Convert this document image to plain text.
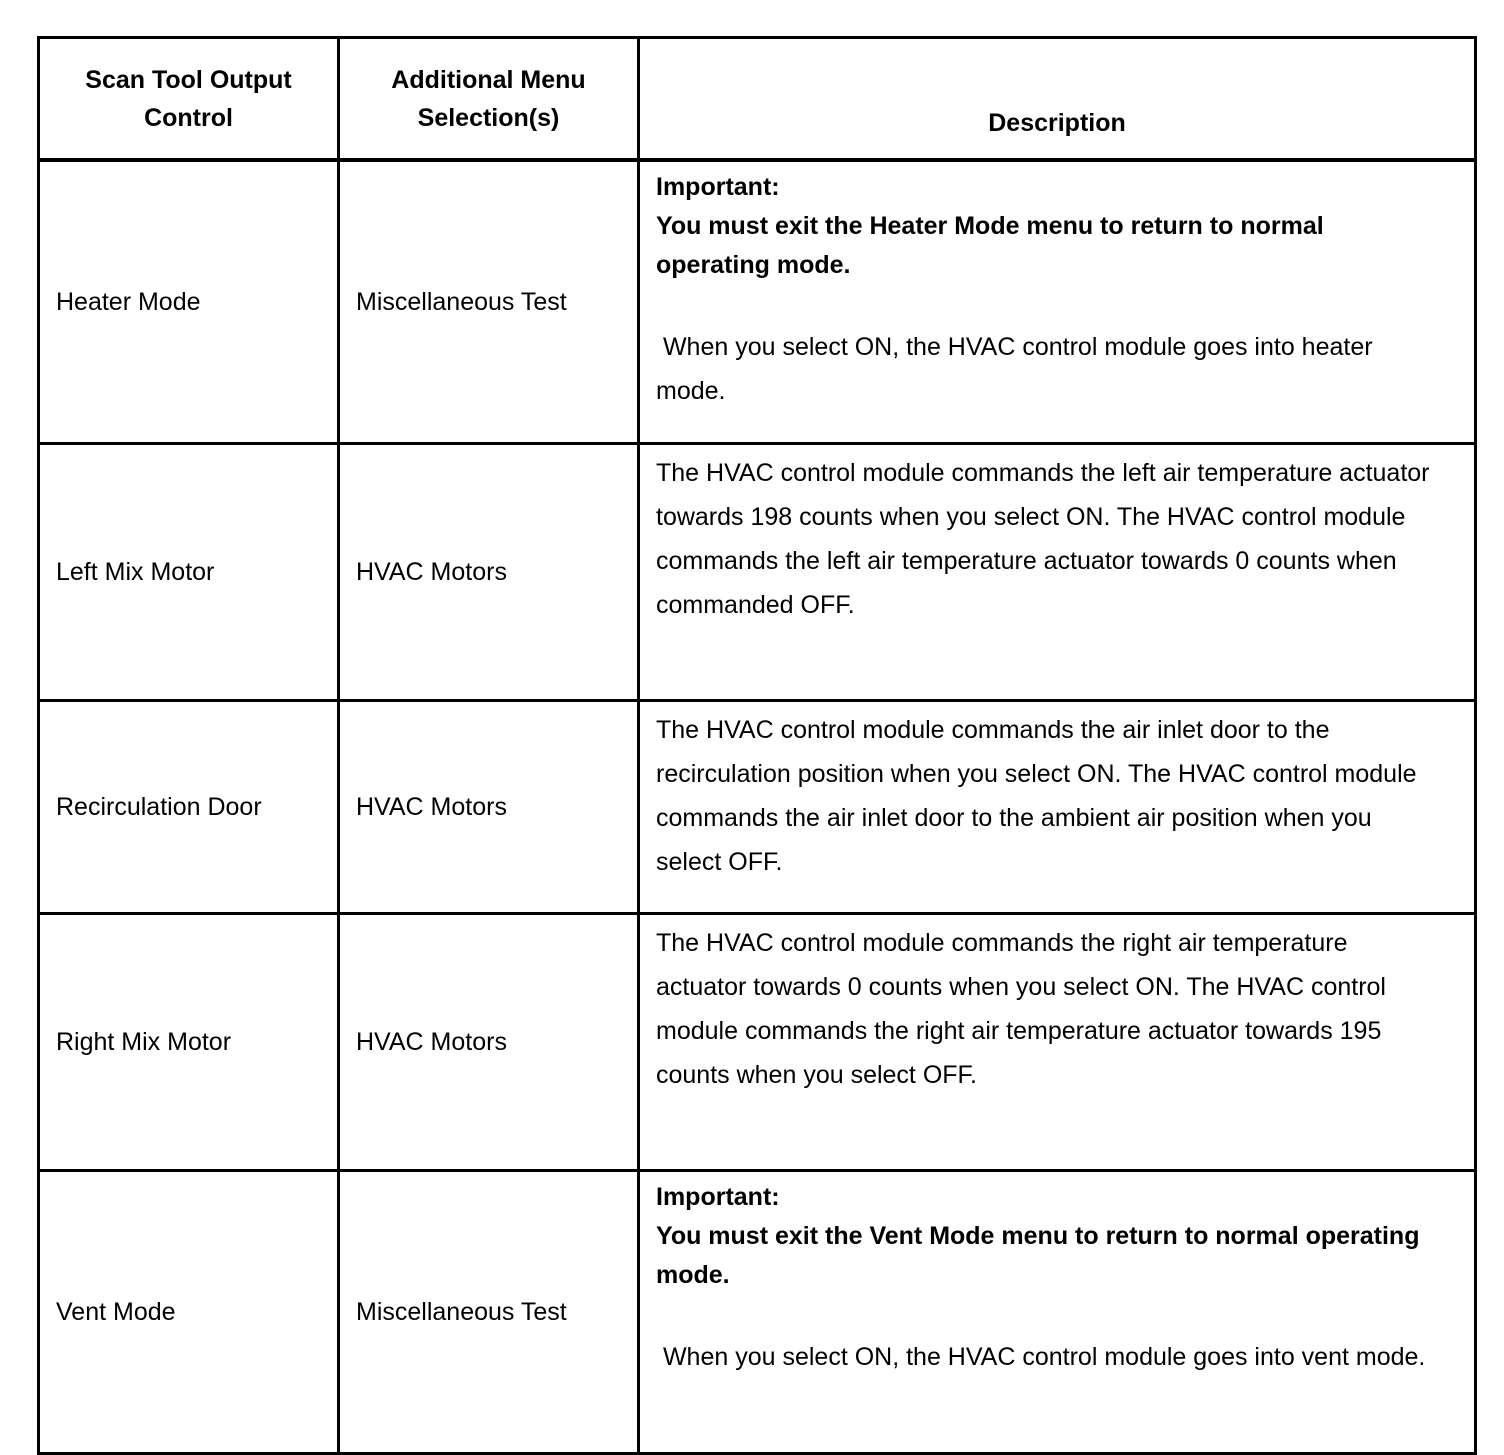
Scan Tool Output Control	Additional Menu Selection(s)	Description
Heater Mode	Miscellaneous Test	Important:
You must exit the Heater Mode menu to return to normal operating mode.
When you select ON, the HVAC control module goes into heater mode.

Left Mix Motor	HVAC Motors	The HVAC control module commands the left air temperature actuator towards 198 counts when you select ON. The HVAC control module commands the left air temperature actuator towards 0 counts when commanded OFF.

Recirculation Door	HVAC Motors	The HVAC control module commands the air inlet door to the recirculation position when you select ON. The HVAC control module commands the air inlet door to the ambient air position when you select OFF.

Right Mix Motor	HVAC Motors	The HVAC control module commands the right air temperature actuator towards 0 counts when you select ON. The HVAC control module commands the right air temperature actuator towards 195 counts when you select OFF.

Vent Mode	Miscellaneous Test	Important:
You must exit the Vent Mode menu to return to normal operating mode.
When you select ON, the HVAC control module goes into vent mode.
